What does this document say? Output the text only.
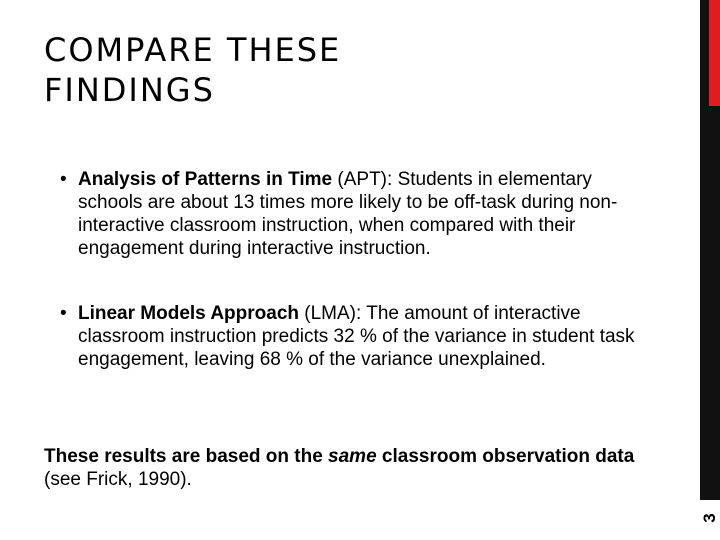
COMPARE THESE
FINDINGS
3
• Analysis of Patterns in Time (APT): Students in elementary schools are about 13 times more likely to be off-task during non-interactive classroom instruction, when compared with their engagement during interactive instruction.
• Linear Models Approach (LMA): The amount of interactive classroom instruction predicts 32 % of the variance in student task engagement, leaving 68 % of the variance unexplained.

These results are based on the same classroom observation data (see Frick, 1990).
